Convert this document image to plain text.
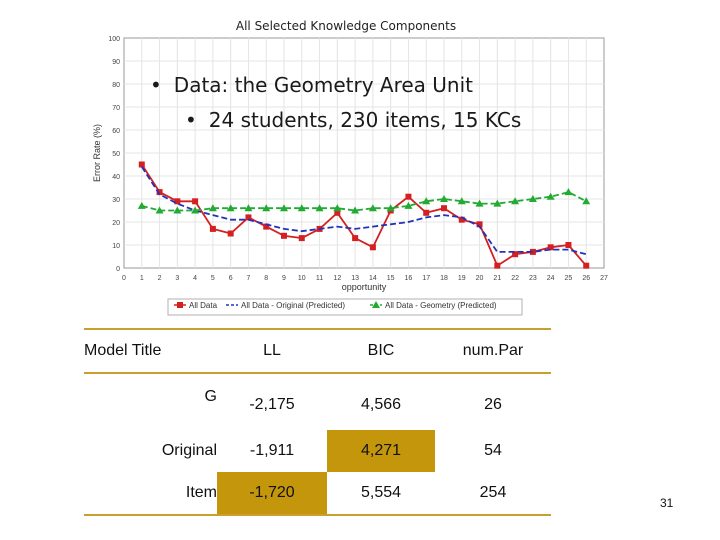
All Selected Knowledge Components
0
10
20
30
40
50
60
70
80
90
100
0 1 2 3 4 5 6 7 8 9 10 11 12 13 14 15 16 17 18 19 20 21 22 23 24 25 26 27
Error Rate (%)
opportunity
All Data	All Data - Original (Predicted)	All Data - Geometry (Predicted)
• Data: the Geometry Area Unit
• 24 students, 230 items, 15 KCs
Model Title	LL	BIC	num.Par
G	-2,175	4,566	26
Original	-1,911	4,271	54
Item	-1,720	5,554	254
31
